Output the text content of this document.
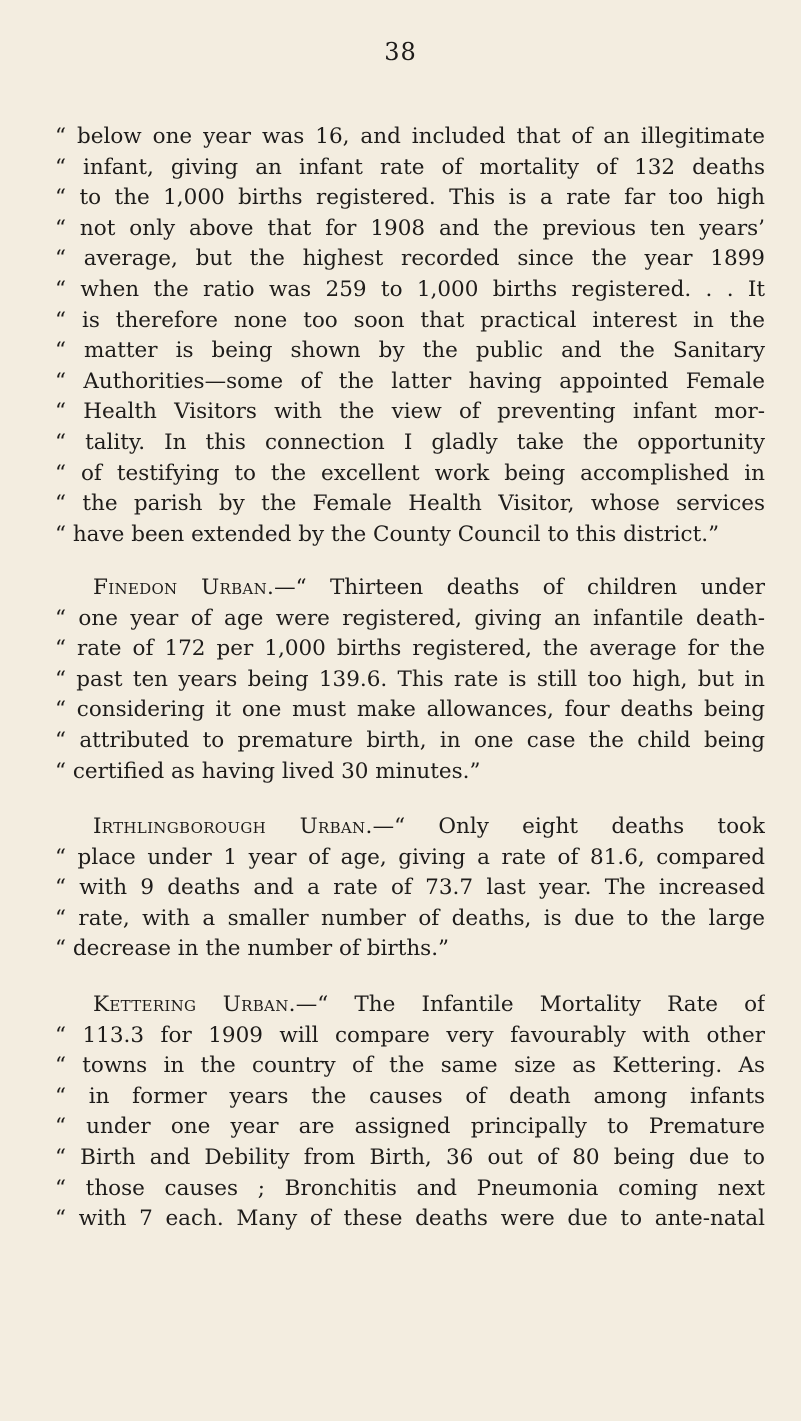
38
“ below one year was 16, and included that of an illegitimate
“ infant, giving an infant rate of mortality of 132 deaths
“ to the 1,000 births registered. This is a rate far too high
“ not only above that for 1908 and the previous ten years’
“ average, but the highest recorded since the year 1899
“ when the ratio was 259 to 1,000 births registered. . . It
“ is therefore none too soon that practical interest in the
“ matter is being shown by the public and the Sanitary
“ Authorities—some of the latter having appointed Female
“ Health Visitors with the view of preventing infant mor-
“ tality. In this connection I gladly take the opportunity
“ of testifying to the excellent work being accomplished in
“ the parish by the Female Health Visitor, whose services
“ have been extended by the County Council to this district.”
Finedon Urban.—“ Thirteen deaths of children under
“ one year of age were registered, giving an infantile death-
“ rate of 172 per 1,000 births registered, the average for the
“ past ten years being 139.6. This rate is still too high, but in
“ considering it one must make allowances, four deaths being
“ attributed to premature birth, in one case the child being
“ certified as having lived 30 minutes.”
Irthlingborough Urban.—“ Only eight deaths took
“ place under 1 year of age, giving a rate of 81.6, compared
“ with 9 deaths and a rate of 73.7 last year. The increased
“ rate, with a smaller number of deaths, is due to the large
“ decrease in the number of births.”
Kettering Urban.—“ The Infantile Mortality Rate of
“ 113.3 for 1909 will compare very favourably with other
“ towns in the country of the same size as Kettering. As
“ in former years the causes of death among infants
“ under one year are assigned principally to Premature
“ Birth and Debility from Birth, 36 out of 80 being due to
“ those causes ; Bronchitis and Pneumonia coming next
“ with 7 each. Many of these deaths were due to ante-natal
